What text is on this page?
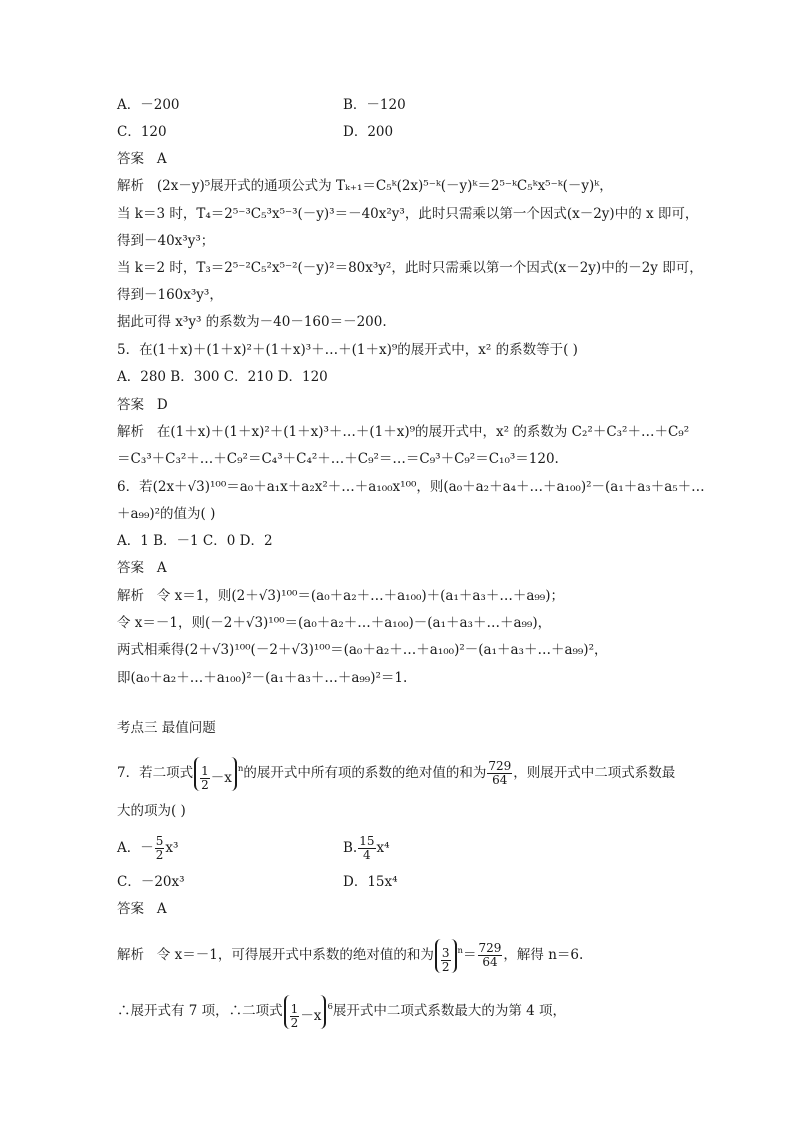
A．－200	B．－120
C．120	D．200
答案 A
解析 (2x－y)⁵展开式的通项公式为 Tₖ₊₁＝C₅ᵏ(2x)⁵⁻ᵏ(－y)ᵏ＝2⁵⁻ᵏC₅ᵏx⁵⁻ᵏ(－y)ᵏ，
当 k＝3 时，T₄＝2⁵⁻³C₅³x⁵⁻³(－y)³＝－40x²y³，此时只需乘以第一个因式(x－2y)中的 x 即可，
得到－40x³y³；
当 k＝2 时，T₃＝2⁵⁻²C₅²x⁵⁻²(－y)²＝80x³y²，此时只需乘以第一个因式(x－2y)中的－2y 即可，
得到－160x³y³，
据此可得 x³y³ 的系数为－40－160＝－200.
5．在(1＋x)＋(1＋x)²＋(1＋x)³＋…＋(1＋x)⁹的展开式中，x² 的系数等于( )
A．280 B．300 C．210 D．120
答案 D
解析 在(1＋x)＋(1＋x)²＋(1＋x)³＋…＋(1＋x)⁹的展开式中，x² 的系数为 C₂²＋C₃²＋…＋C₉²
＝C₃³＋C₃²＋…＋C₉²＝C₄³＋C₄²＋…＋C₉²＝…＝C₉³＋C₉²＝C₁₀³＝120.
6．若(2x＋√3)¹⁰⁰＝a₀＋a₁x＋a₂x²＋…＋a₁₀₀x¹⁰⁰，则(a₀＋a₂＋a₄＋…＋a₁₀₀)²－(a₁＋a₃＋a₅＋…
＋a₉₉)²的值为( )
A．1 B．－1 C．0 D．2
答案 A
解析 令 x＝1，则(2＋√3)¹⁰⁰＝(a₀＋a₂＋…＋a₁₀₀)＋(a₁＋a₃＋…＋a₉₉)；
令 x＝－1，则(－2＋√3)¹⁰⁰＝(a₀＋a₂＋…＋a₁₀₀)－(a₁＋a₃＋…＋a₉₉)，
两式相乘得(2＋√3)¹⁰⁰(－2＋√3)¹⁰⁰＝(a₀＋a₂＋…＋a₁₀₀)²－(a₁＋a₃＋…＋a₉₉)²，
即(a₀＋a₂＋…＋a₁₀₀)²－(a₁＋a₃＋…＋a₉₉)²＝1.
考点三 最值问题
7．若二项式 $\frac{1}{2} -x^n$的展开式中所有项的系数的绝对值的和为 $\frac{729}{64}$ ，则展开式中二项式系数最
大的项为( )
A．－ $\frac{5}{2} x^3$	B. $\frac{15}{4} x^4$
C．－20x³	D．15x⁴
答案 A
解析 令 x＝－1，可得展开式中系数的绝对值的和为 $\frac{3}{2} ^n= \frac{729}{64}$ ，解得 n＝6.
∴展开式有 7 项，∴二项式 $\frac{1}{2} -x^6$展开式中二项式系数最大的为第 4 项，
